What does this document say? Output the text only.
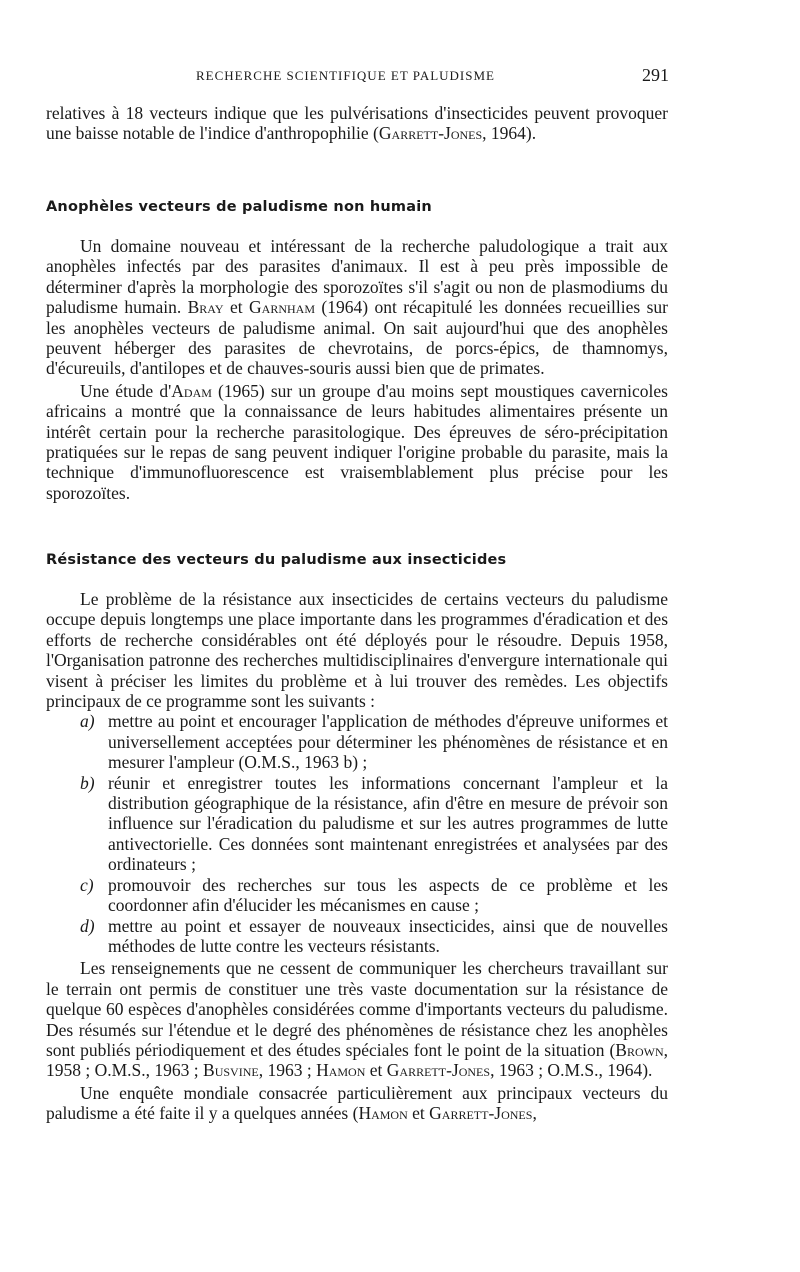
RECHERCHE SCIENTIFIQUE ET PALUDISME	291

relatives à 18 vecteurs indique que les pulvérisations d'insecticides peuvent provoquer une baisse notable de l'indice d'anthropophilie (Garrett-Jones, 1964).

Anophèles vecteurs de paludisme non humain

Un domaine nouveau et intéressant de la recherche paludologique a trait aux anophèles infectés par des parasites d'animaux. Il est à peu près impossible de déterminer d'après la morphologie des sporozoïtes s'il s'agit ou non de plasmodiums du paludisme humain. Bray et Garnham (1964) ont récapitulé les données recueillies sur les anophèles vecteurs de paludisme animal. On sait aujourd'hui que des anophèles peuvent héberger des parasites de chevrotains, de porcs-épics, de thamnomys, d'écureuils, d'antilopes et de chauves-souris aussi bien que de primates.

Une étude d'Adam (1965) sur un groupe d'au moins sept moustiques cavernicoles africains a montré que la connaissance de leurs habitudes alimentaires présente un intérêt certain pour la recherche parasitologique. Des épreuves de séro-précipitation pratiquées sur le repas de sang peuvent indiquer l'origine probable du parasite, mais la technique d'immunofluorescence est vraisemblablement plus précise pour les sporozoïtes.

Résistance des vecteurs du paludisme aux insecticides

Le problème de la résistance aux insecticides de certains vecteurs du paludisme occupe depuis longtemps une place importante dans les programmes d'éradication et des efforts de recherche considérables ont été déployés pour le résoudre. Depuis 1958, l'Organisation patronne des recherches multidisciplinaires d'envergure internationale qui visent à préciser les limites du problème et à lui trouver des remèdes. Les objectifs principaux de ce programme sont les suivants :

a) mettre au point et encourager l'application de méthodes d'épreuve uniformes et universellement acceptées pour déterminer les phénomènes de résistance et en mesurer l'ampleur (O.M.S., 1963 b) ;
b) réunir et enregistrer toutes les informations concernant l'ampleur et la distribution géographique de la résistance, afin d'être en mesure de prévoir son influence sur l'éradication du paludisme et sur les autres programmes de lutte antivectorielle. Ces données sont maintenant enregistrées et analysées par des ordinateurs ;
c) promouvoir des recherches sur tous les aspects de ce problème et les coordonner afin d'élucider les mécanismes en cause ;
d) mettre au point et essayer de nouveaux insecticides, ainsi que de nouvelles méthodes de lutte contre les vecteurs résistants.

Les renseignements que ne cessent de communiquer les chercheurs travaillant sur le terrain ont permis de constituer une très vaste documentation sur la résistance de quelque 60 espèces d'anophèles considérées comme d'importants vecteurs du paludisme. Des résumés sur l'étendue et le degré des phénomènes de résistance chez les anophèles sont publiés périodiquement et des études spéciales font le point de la situation (Brown, 1958 ; O.M.S., 1963 ; Busvine, 1963 ; Hamon et Garrett-Jones, 1963 ; O.M.S., 1964).

Une enquête mondiale consacrée particulièrement aux principaux vecteurs du paludisme a été faite il y a quelques années (Hamon et Garrett-Jones,
